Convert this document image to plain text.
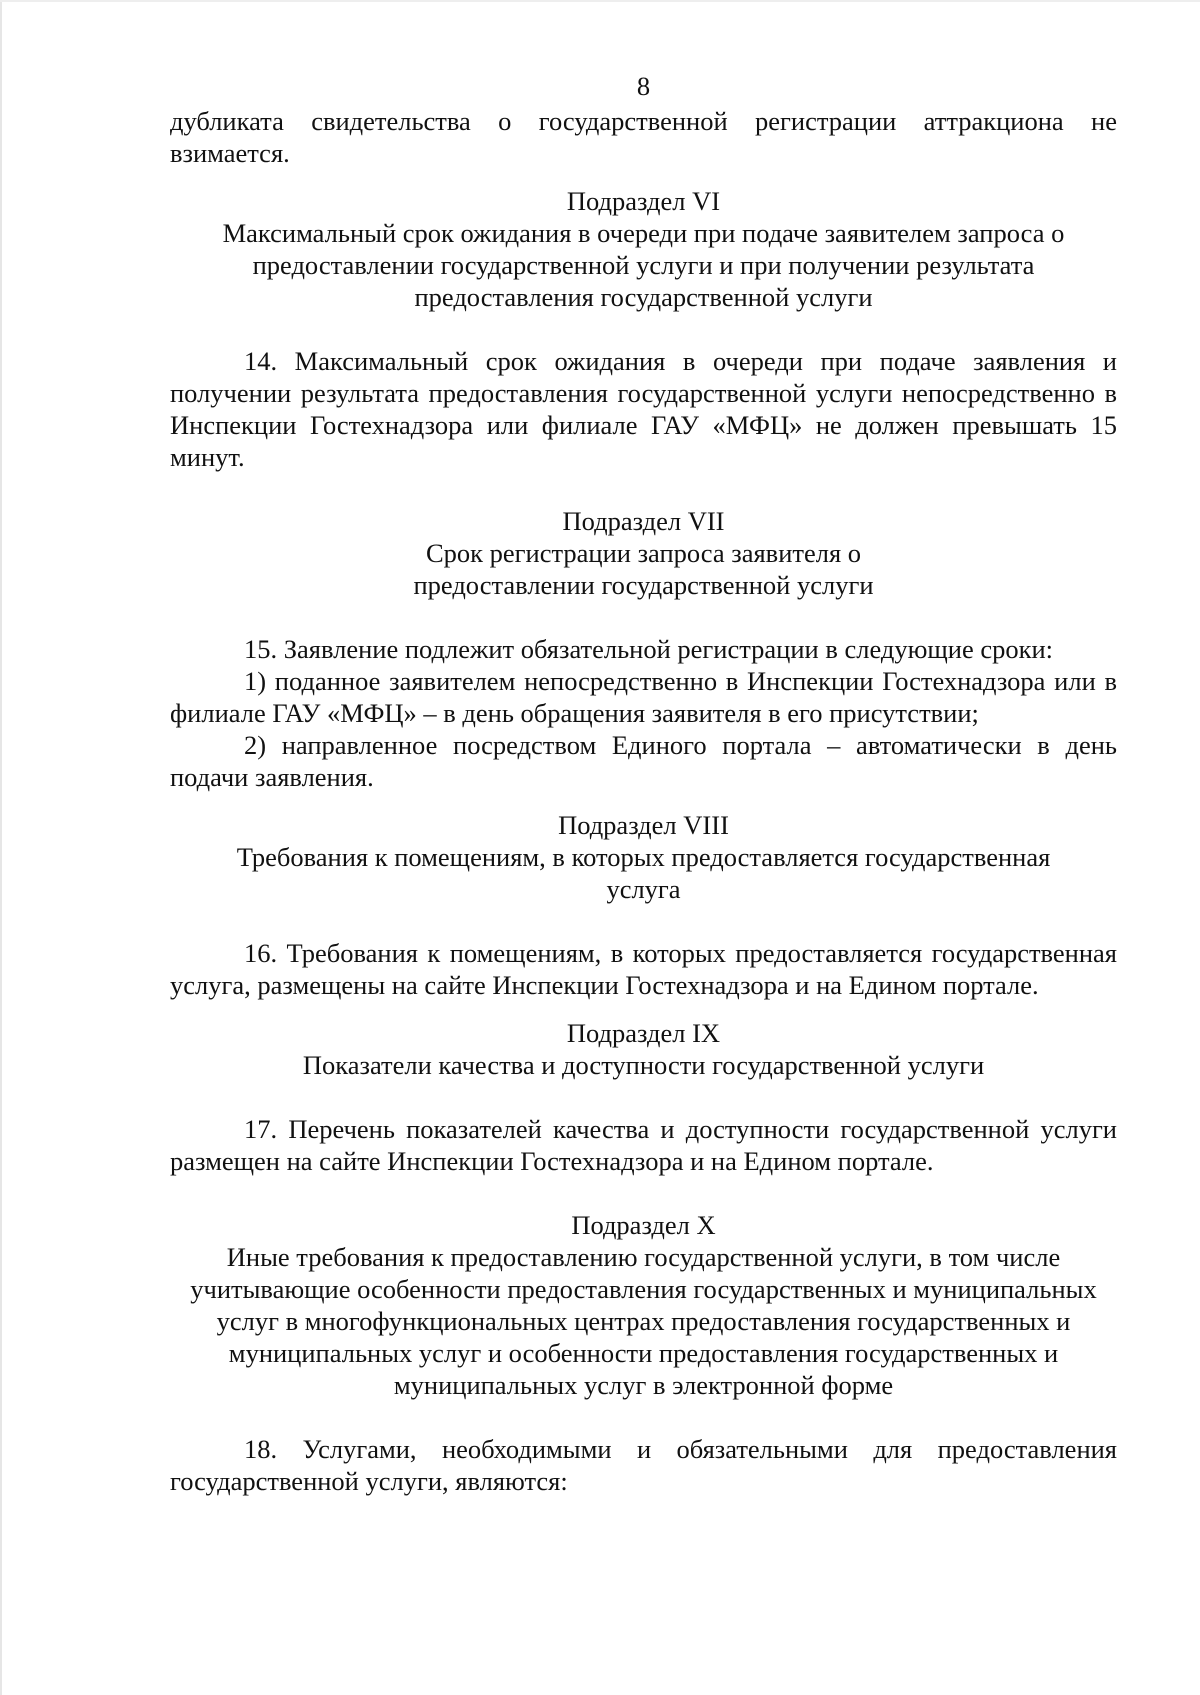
8

дубликата свидетельства о государственной регистрации аттракциона не взимается.

Подраздел VI
Максимальный срок ожидания в очереди при подаче заявителем запроса о предоставлении государственной услуги и при получении результата предоставления государственной услуги

14. Максимальный срок ожидания в очереди при подаче заявления и получении результата предоставления государственной услуги непосредственно в Инспекции Гостехнадзора или филиале ГАУ «МФЦ» не должен превышать 15 минут.

Подраздел VII
Срок регистрации запроса заявителя о предоставлении государственной услуги

15. Заявление подлежит обязательной регистрации в следующие сроки:

1) поданное заявителем непосредственно в Инспекции Гостехнадзора или в филиале ГАУ «МФЦ» – в день обращения заявителя в его присутствии;

2) направленное посредством Единого портала – автоматически в день подачи заявления.

Подраздел VIII
Требования к помещениям, в которых предоставляется государственная услуга

16. Требования к помещениям, в которых предоставляется государственная услуга, размещены на сайте Инспекции Гостехнадзора и на Едином портале.

Подраздел IX
Показатели качества и доступности государственной услуги

17. Перечень показателей качества и доступности государственной услуги размещен на сайте Инспекции Гостехнадзора и на Едином портале.

Подраздел X
Иные требования к предоставлению государственной услуги, в том числе учитывающие особенности предоставления государственных и муниципальных услуг в многофункциональных центрах предоставления государственных и муниципальных услуг и особенности предоставления государственных и муниципальных услуг в электронной форме

18. Услугами, необходимыми и обязательными для предоставления государственной услуги, являются:
